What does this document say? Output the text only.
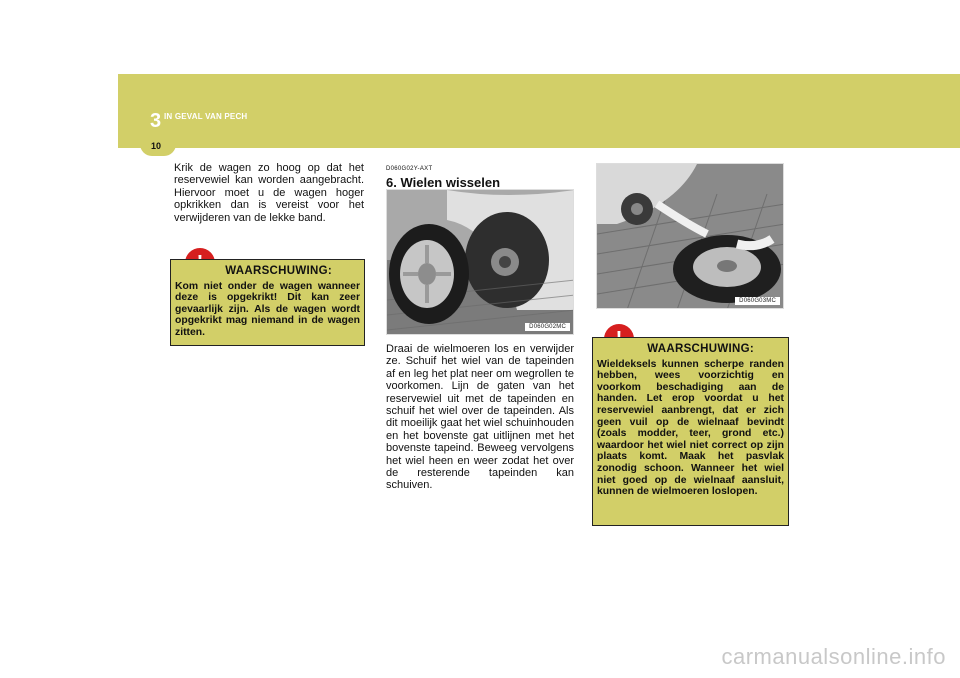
3 IN GEVAL VAN PECH
10

Krik de wagen zo hoog op dat het reservewiel kan worden aangebracht. Hiervoor moet u de wagen hoger opkrikken dan is vereist voor het verwijderen van de lekke band.

WAARSCHUWING:
Kom niet onder de wagen wanneer deze is opgekrikt! Dit kan zeer gevaarlijk zijn. Als de wagen wordt opgekrikt mag niemand in de wagen zitten.

D060G02Y-AXT

6. Wielen wisselen

D060G02MC

Draai de wielmoeren los en verwijder ze. Schuif het wiel van de tapeinden af en leg het plat neer om wegrollen te voorkomen. Lijn de gaten van het reservewiel uit met de tapeinden en schuif het wiel over de tapeinden. Als dit moeilijk gaat het wiel schuinhouden en het bovenste gat uitlijnen met het bovenste tapeind. Beweeg vervolgens het wiel heen en weer zodat het over de resterende tapeinden kan schuiven.

D060G03MC
WAARSCHUWING:
Wieldeksels kunnen scherpe randen hebben, wees voorzichtig en voorkom beschadiging aan de handen. Let erop voordat u het reservewiel aanbrengt, dat er zich geen vuil op de wielnaaf bevindt (zoals modder, teer, grond etc.) waardoor het wiel niet correct op zijn plaats komt. Maak het pasvlak zonodig schoon. Wanneer het wiel niet goed op de wielnaaf aansluit, kunnen de wielmoeren loslopen.
carmanualsonline.info
